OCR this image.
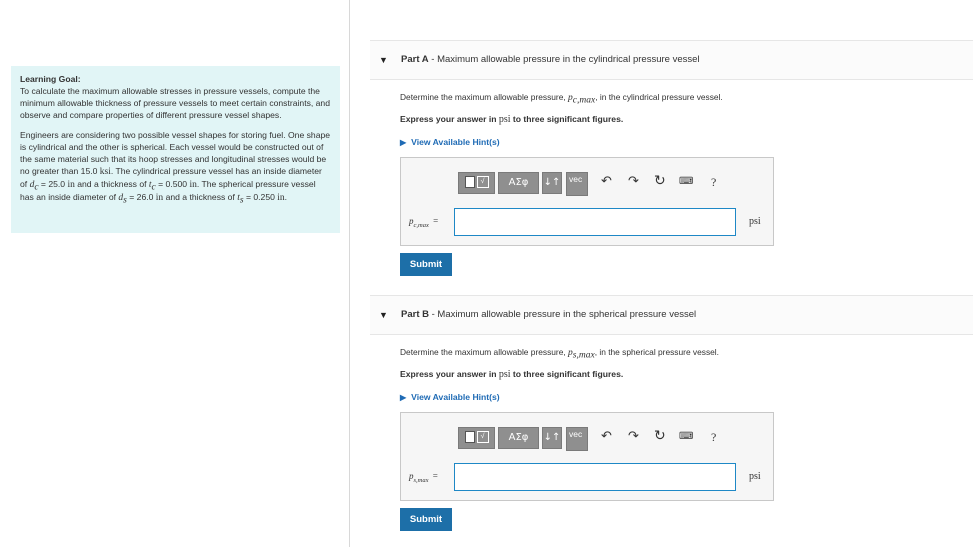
Learning Goal:

To calculate the maximum allowable stresses in pressure vessels, compute the minimum allowable thickness of pressure vessels to meet certain constraints, and observe and compare properties of different pressure vessel shapes.

Engineers are considering two possible vessel shapes for storing fuel. One shape is cylindrical and the other is spherical. Each vessel would be constructed out of the same material such that its hoop stresses and longitudinal stresses would be no greater than 15.0 ksi. The cylindrical pressure vessel has an inside diameter of $d_c = 25.0$ in and a thickness of $t_c = 0.500$ in. The spherical pressure vessel has an inside diameter of $d_s = 26.0$ in and a thickness of $t_s = 0.250$ in.

▼ Part A - Maximum allowable pressure in the cylindrical pressure vessel
Determine the maximum allowable pressure, $p_{c,max}$, in the cylindrical pressure vessel.
Express your answer in psi to three significant figures.
▶ View Available Hint(s)
√	ΑΣφ	↓↑	vec	↶ ↷ ↻ ⌨ ?
$p_{c,max}$ =	psi
Submit
▼ Part B - Maximum allowable pressure in the spherical pressure vessel
Determine the maximum allowable pressure, $p_{s,max}$, in the spherical pressure vessel.
Express your answer in psi to three significant figures.
▶ View Available Hint(s)
√	ΑΣφ	↓↑	vec	↶ ↷ ↻ ⌨ ?
$p_{s,max}$ =	psi
Submit
